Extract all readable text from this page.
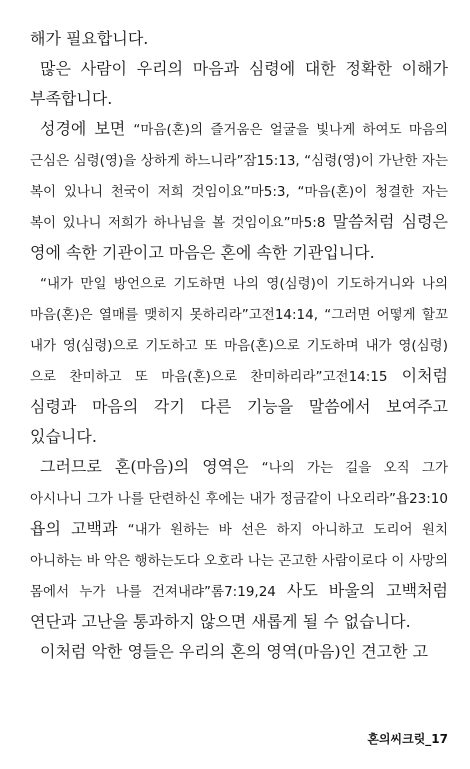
해가 필요합니다.

많은 사람이 우리의 마음과 심령에 대한 정확한 이해가 부족합니다.

성경에 보면 “마음(혼)의 즐거움은 얼굴을 빛나게 하여도 마음의 근심은 심령(영)을 상하게 하느니라”잠15:13, “심령(영)이 가난한 자는 복이 있나니 천국이 저희 것임이요”마5:3, “마음(혼)이 청결한 자는 복이 있나니 저희가 하나님을 볼 것임이요”마5:8 말씀처럼 심령은 영에 속한 기관이고 마음은 혼에 속한 기관입니다.

“내가 만일 방언으로 기도하면 나의 영(심령)이 기도하거니와 나의 마음(혼)은 열매를 맺히지 못하리라”고전14:14, “그러면 어떻게 할꼬 내가 영(심령)으로 기도하고 또 마음(혼)으로 기도하며 내가 영(심령)으로 찬미하고 또 마음(혼)으로 찬미하리라”고전14:15 이처럼 심령과 마음의 각기 다른 기능을 말씀에서 보여주고 있습니다.

그러므로 혼(마음)의 영역은 “나의 가는 길을 오직 그가 아시나니 그가 나를 단련하신 후에는 내가 정금같이 나오리라”욥23:10 욥의 고백과 “내가 원하는 바 선은 하지 아니하고 도리어 원치 아니하는 바 악은 행하는도다 오호라 나는 곤고한 사람이로다 이 사망의 몸에서 누가 나를 건져내랴”롬7:19,24 사도 바울의 고백처럼 연단과 고난을 통과하지 않으면 새롭게 될 수 없습니다.

이처럼 악한 영들은 우리의 혼의 영역(마음)인 견고한 고

혼의씨크릿_17
